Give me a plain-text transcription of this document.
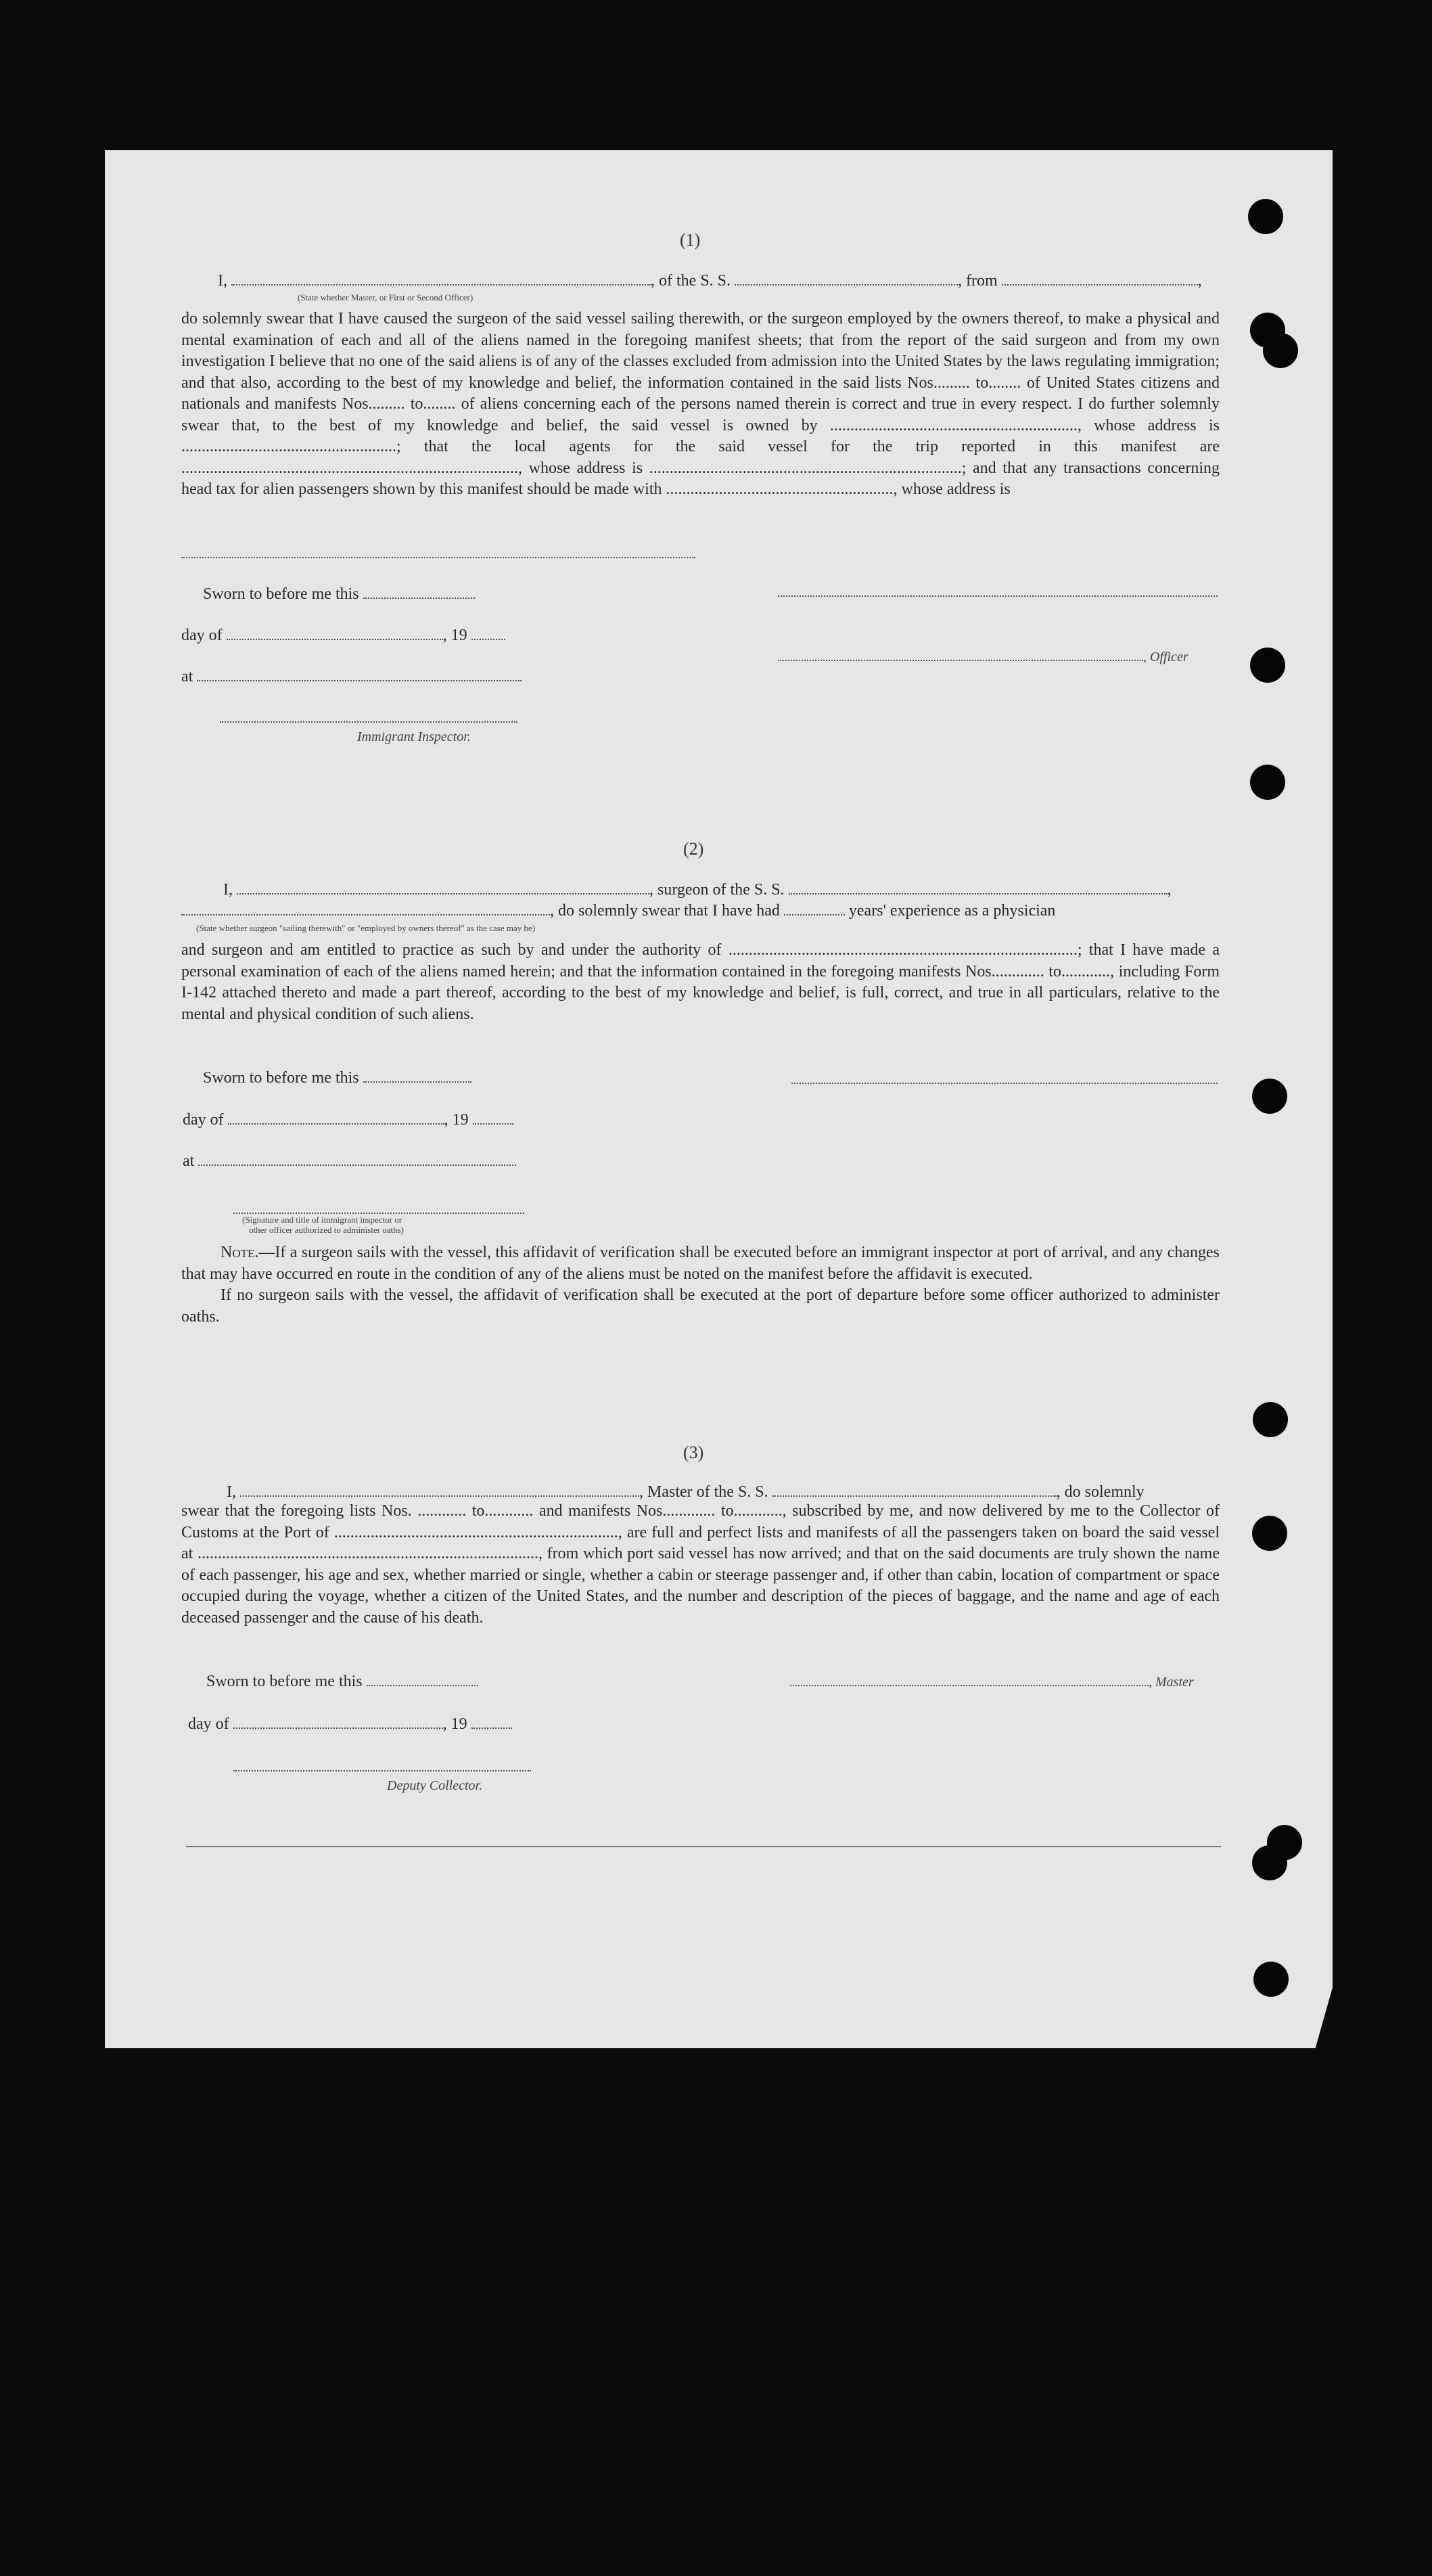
(1)
I,	, of the S. S.	, from	,
(State whether Master, or First or Second Officer)

do solemnly swear that I have caused the surgeon of the said vessel sailing therewith, or the surgeon employed by the owners thereof, to make a physical and mental examination of each and all of the aliens named in the foregoing manifest sheets; that from the report of the said surgeon and from my own investigation I believe that no one of the said aliens is of any of the classes excluded from admission into the United States by the laws regulating immigration; and that also, according to the best of my knowledge and belief, the information contained in the said lists Nos......... to........ of United States citizens and nationals and manifests Nos......... to........ of aliens concerning each of the persons named therein is correct and true in every respect. I do further solemnly swear that, to the best of my knowledge and belief, the said vessel is owned by ............................................................., whose address is .....................................................; that the local agents for the said vessel for the trip reported in this manifest are ..................................................................................., whose address is .............................................................................; and that any transactions concerning head tax for alien passengers shown by this manifest should be made with ........................................................, whose address is

Sworn to before me this
day of	, 19
, Officer
at
Immigrant Inspector.
(2)
I,	, surgeon of the S. S.	,
, do solemnly swear that I have had	years' experience as a physician
(State whether surgeon "sailing therewith" or "employed by owners thereof" as the case may be)

and surgeon and am entitled to practice as such by and under the authority of ......................................................................................; that I have made a personal examination of each of the aliens named herein; and that the information contained in the foregoing manifests Nos............. to............, including Form I-142 attached thereto and made a part thereof, according to the best of my knowledge and belief, is full, correct, and true in all particulars, relative to the mental and physical condition of such aliens.

Sworn to before me this
day of	, 19
at
(Signature and title of immigrant inspector or
other officer authorized to administer oaths)

Note.—If a surgeon sails with the vessel, this affidavit of verification shall be executed before an immigrant inspector at port of arrival, and any changes that may have occurred en route in the condition of any of the aliens must be noted on the manifest before the affidavit is executed.

If no surgeon sails with the vessel, the affidavit of verification shall be executed at the port of departure before some officer authorized to administer oaths.

(3)
I,	, Master of the S. S.	, do solemnly

swear that the foregoing lists Nos. ............ to............ and manifests Nos............. to............, subscribed by me, and now delivered by me to the Collector of Customs at the Port of ......................................................................, are full and perfect lists and manifests of all the passengers taken on board the said vessel at ...................................................................................., from which port said vessel has now arrived; and that on the said documents are truly shown the name of each passenger, his age and sex, whether married or single, whether a cabin or steerage passenger and, if other than cabin, location of compartment or space occupied during the voyage, whether a citizen of the United States, and the number and description of the pieces of baggage, and the name and age of each deceased passenger and the cause of his death.

Sworn to before me this	, Master
day of	, 19
Deputy Collector.
